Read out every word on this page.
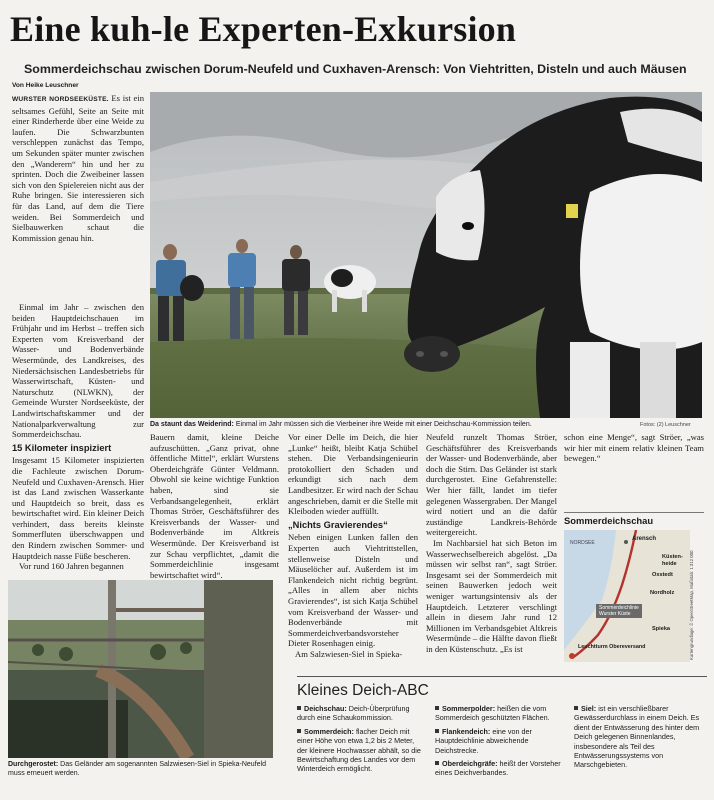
Eine kuh-le Experten-Exkursion
Sommerdeichschau zwischen Dorum-Neufeld und Cuxhaven-Arensch: Von Viehtritten, Disteln und auch Mäusen
Von Heike Leuschner

WURSTER NORDSEEKÜSTE. Es ist ein seltsames Gefühl, Seite an Seite mit einer Rinderherde über eine Weide zu laufen. Die Schwarzbunten verschleppen zunächst das Tempo, um Sekunden später munter zwischen den „Wanderern“ hin und her zu sprinten. Doch die Zweibeiner lassen sich von den Spielereien nicht aus der Ruhe bringen. Sie interessieren sich für das Land, auf dem die Tiere weiden. Bei Sommerdeich und Sielbauwerken schaut die Kommission genau hin.

Da staunt das Weiderind: Einmal im Jahr müssen sich die Vierbeiner ihre Weide mit einer Deichschau-Kommission teilen.	Fotos: (2) Leuschner

Einmal im Jahr – zwischen den beiden Hauptdeichschauen im Frühjahr und im Herbst – treffen sich Experten vom Kreisverband der Wasser- und Bodenverbände Wesermünde, des Landkreises, des Niedersächsischen Landesbetriebs für Wasserwirtschaft, Küsten- und Naturschutz (NLWKN), der Gemeinde Wurster Nordseeküste, der Landwirtschaftskammer und der Nationalparkverwaltung zur Sommerdeichschau.

15 Kilometer inspiziert

Insgesamt 15 Kilometer inspizierten die Fachleute zwischen Dorum-Neufeld und Cuxhaven-Arensch. Hier ist das Land zwischen Wasserkante und Hauptdeich so breit, dass es bewirtschaftet wird. Ein kleiner Deich verhindert, dass bereits kleinste Sommerfluten überschwappen und den Rindern zwischen Sommer- und Hauptdeich nasse Füße bescheren.

Vor rund 160 Jahren begannen

Durchgerostet: Das Geländer am sogenannten Salzwiesen-Siel in Spieka-Neufeld muss erneuert werden.

Bauern damit, kleine Deiche aufzuschütten. „Ganz privat, ohne öffentliche Mittel“, erklärt Wurstens Oberdeichgräfe Günter Veldmann. Obwohl sie keine wichtige Funktion haben, sind sie Verbandsangelegenheit, erklärt Thomas Ströer, Geschäftsführer des Kreisverbands der Wasser- und Bodenverbände im Altkreis Wesermünde. Der Kreisverband ist zur Schau verpflichtet, „damit die Sommerdeichlinie insgesamt bewirtschaftet wird“.

Vor einer Delle im Deich, die hier „Lunke“ heißt, bleibt Katja Schübel stehen. Die Verbandsingenieurin protokolliert den Schaden und erkundigt sich nach dem Landbesitzer. Er wird nach der Schau angeschrieben, damit er die Stelle mit Kleiboden wieder auffüllt.

„Nichts Gravierendes“

Neben einigen Lunken fallen den Experten auch Viehtrittstellen, stellenweise Disteln und Mäuselöcher auf. Außerdem ist im Flankendeich nicht richtig begrünt. „Alles in allem aber nichts Gravierendes“, ist sich Katja Schübel vom Kreisverband der Wasser- und Bodenverbände mit Sommerdeichverbandsvorsteher Dieter Rosenhagen einig.

Am Salzwiesen-Siel in Spieka-

Neufeld runzelt Thomas Ströer, Geschäftsführer des Kreisverbands der Wasser- und Bodenverbände, aber doch die Stirn. Das Geländer ist stark durchgerostet. Eine Gefahrenstelle: Wer hier fällt, landet im tiefer gelegenen Wassergraben. Der Mangel wird notiert und an die dafür zuständige Landkreis-Behörde weitergereicht.

Im Nachbarsiel hat sich Beton im Wasserwechselbereich abgelöst. „Da müssen wir selbst ran“, sagt Ströer. Insgesamt sei der Sommerdeich mit seinen Bauwerken jedoch weit weniger wartungsintensiv als der Hauptdeich. Letzterer verschlingt allein in diesem Jahr rund 12 Millionen im Verbandsgebiet Altkreis Wesermünde – die Hälfte davon fließt in den Küstenschutz. „Es ist

schon eine Menge“, sagt Ströer, „was wir hier mit einem relativ kleinen Team bewegen.“

Sommerdeichschau
NORDSEE
Arensch
Küsten-
heide
Oxstedt
Nordholz
Sommerdeichlinie
Wurster Küste
Spieka
Leuchtturm Obereversand	Kartengrundlage: © OpenStreetMap, Maßstab: 1:312 000
Kleines Deich-ABC

Deichschau: Deich-Überprüfung durch eine Schaukommission.

Sommerdeich: flacher Deich mit einer Höhe von etwa 1,2 bis 2 Meter, der kleinere Hochwasser abhält, so die Bewirtschaftung des Landes vor dem Winterdeich ermöglicht.

Sommerpolder: heißen die vom Sommerdeich geschützten Flächen.

Flankendeich: eine von der Hauptdeichlinie abweichende Deichstrecke.

Oberdeichgräfe: heißt der Vorsteher eines Deichverbandes.

Siel: ist ein verschließbarer Gewässerdurchlass in einem Deich. Es dient der Entwässerung des hinter dem Deich gelegenen Binnenlandes, insbesondere als Teil des Entwässerungssystems von Marschgebieten.
